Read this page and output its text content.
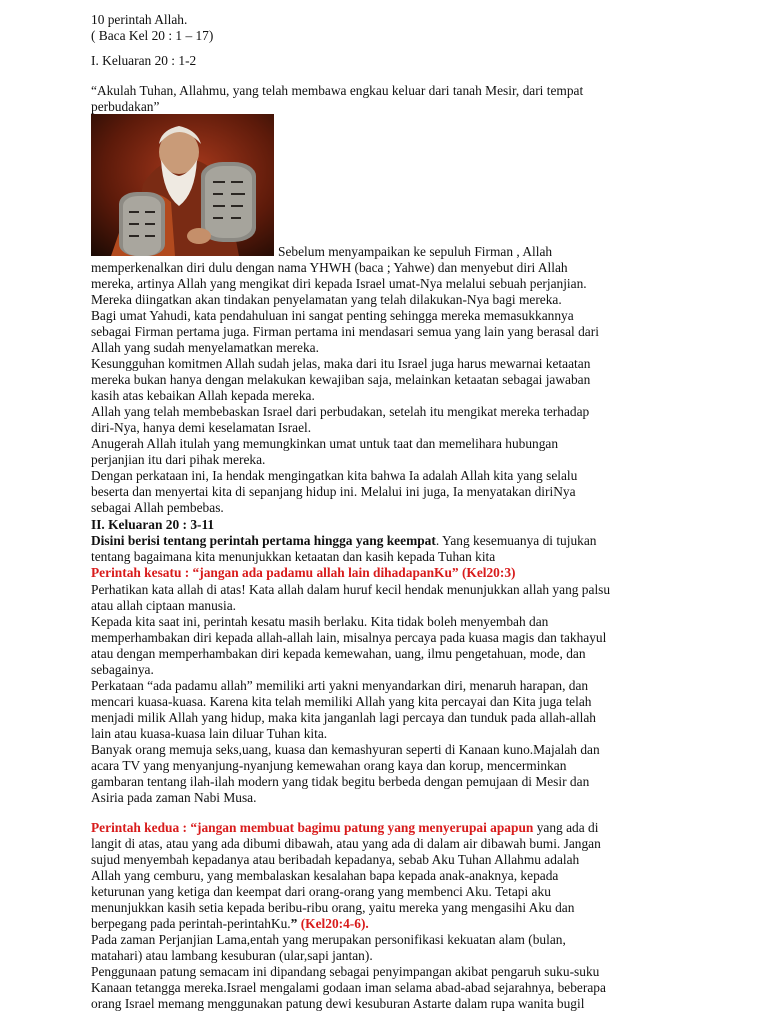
10 perintah Allah.
( Baca Kel 20 : 1 – 17)
I. Keluaran 20 : 1-2
“Akulah Tuhan, Allahmu, yang telah membawa engkau keluar dari tanah Mesir, dari tempat
perbudakan”
Sebelum menyampaikan ke sepuluh Firman , Allah
memperkenalkan diri dulu dengan nama YHWH (baca ; Yahwe) dan menyebut diri Allah
mereka, artinya Allah yang mengikat diri kepada Israel umat-Nya melalui sebuah perjanjian.
Mereka diingatkan akan tindakan penyelamatan yang telah dilakukan-Nya bagi mereka.
Bagi umat Yahudi, kata pendahuluan ini sangat penting sehingga mereka memasukkannya
sebagai Firman pertama juga. Firman pertama ini mendasari semua yang lain yang berasal dari
Allah yang sudah menyelamatkan mereka.
Kesungguhan komitmen Allah sudah jelas, maka dari itu Israel juga harus mewarnai ketaatan
mereka bukan hanya dengan melakukan kewajiban saja, melainkan ketaatan sebagai jawaban
kasih atas kebaikan Allah kepada mereka.
Allah yang telah membebaskan Israel dari perbudakan, setelah itu mengikat mereka terhadap
diri-Nya, hanya demi keselamatan Israel.
Anugerah Allah itulah yang memungkinkan umat untuk taat dan memelihara hubungan
perjanjian itu dari pihak mereka.
Dengan perkataan ini, Ia hendak mengingatkan kita bahwa Ia adalah Allah kita yang selalu
beserta dan menyertai kita di sepanjang hidup ini. Melalui ini juga, Ia menyatakan diriNya
sebagai Allah pembebas.
II. Keluaran 20 : 3-11
Disini berisi tentang perintah pertama hingga yang keempat. Yang kesemuanya di tujukan
tentang bagaimana kita menunjukkan ketaatan dan kasih kepada Tuhan kita
Perintah kesatu : “jangan ada padamu allah lain dihadapanKu” (Kel20:3)
Perhatikan kata allah di atas! Kata allah dalam huruf kecil hendak menunjukkan allah yang palsu
atau allah ciptaan manusia.
Kepada kita saat ini, perintah kesatu masih berlaku. Kita tidak boleh menyembah dan
memperhambakan diri kepada allah-allah lain, misalnya percaya pada kuasa magis dan takhayul
atau dengan memperhambakan diri kepada kemewahan, uang, ilmu pengetahuan, mode, dan
sebagainya.
Perkataan “ada padamu allah” memiliki arti yakni menyandarkan diri, menaruh harapan, dan
mencari kuasa-kuasa. Karena kita telah memiliki Allah yang kita percayai dan Kita juga telah
menjadi milik Allah yang hidup, maka kita janganlah lagi percaya dan tunduk pada allah-allah
lain atau kuasa-kuasa lain diluar Tuhan kita.
Banyak orang memuja seks,uang, kuasa dan kemashyuran seperti di Kanaan kuno.Majalah dan
acara TV yang menyanjung-nyanjung kemewahan orang kaya dan korup, mencerminkan
gambaran tentang ilah-ilah modern yang tidak begitu berbeda dengan pemujaan di Mesir dan
Asiria pada zaman Nabi Musa.
Perintah kedua : “jangan membuat bagimu patung yang menyerupai apapun yang ada di
langit di atas, atau yang ada dibumi dibawah, atau yang ada di dalam air dibawah bumi. Jangan
sujud menyembah kepadanya atau beribadah kepadanya, sebab Aku Tuhan Allahmu adalah
Allah yang cemburu, yang membalaskan kesalahan bapa kepada anak-anaknya, kepada
keturunan yang ketiga dan keempat dari orang-orang yang membenci Aku. Tetapi aku
menunjukkan kasih setia kepada beribu-ribu orang, yaitu mereka yang mengasihi Aku dan
berpegang pada perintah-perintahKu.” (Kel20:4-6).
Pada zaman Perjanjian Lama,entah yang merupakan personifikasi kekuatan alam (bulan,
matahari) atau lambang kesuburan (ular,sapi jantan).
Penggunaan patung semacam ini dipandang sebagai penyimpangan akibat pengaruh suku-suku
Kanaan tetangga mereka.Israel mengalami godaan iman selama abad-abad sejarahnya, beberapa
orang Israel memang menggunakan patung dewi kesuburan Astarte dalam rupa wanita bugil
